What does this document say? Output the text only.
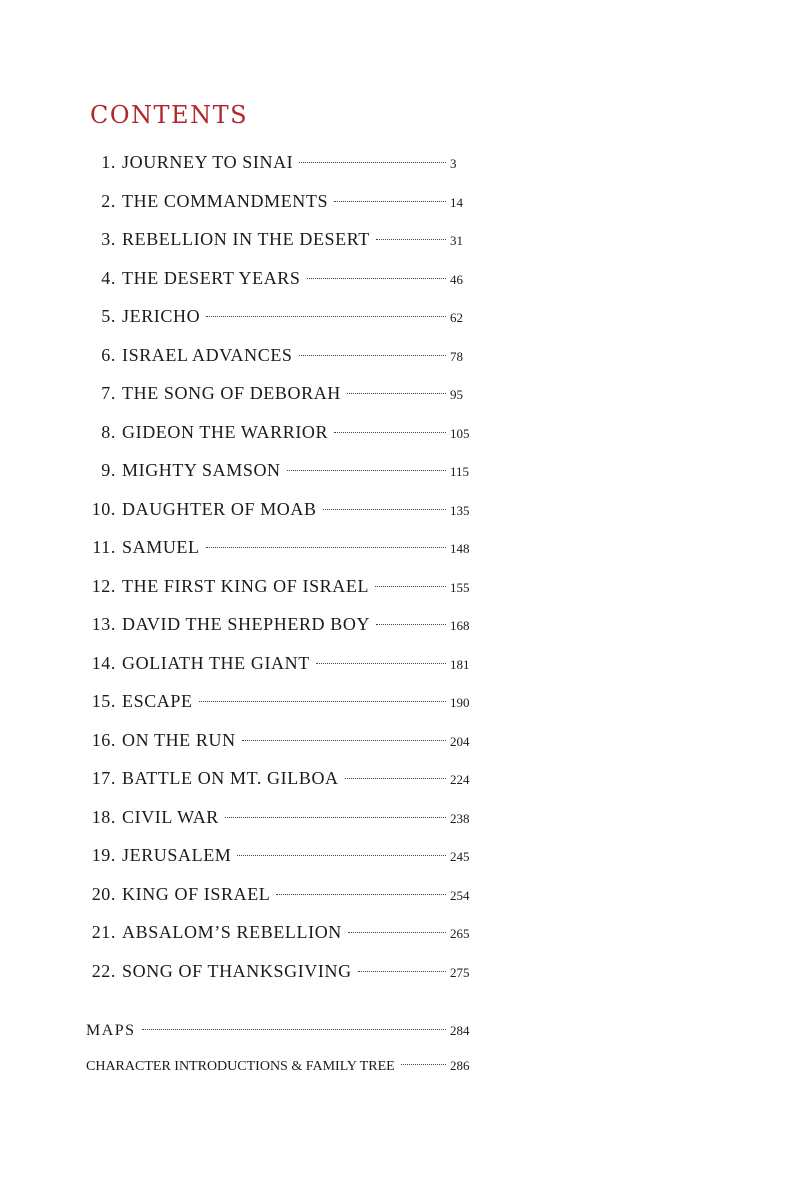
contents
1. JOURNEY TO SINAI	3
2. THE COMMANDMENTS	14
3. REBELLION IN THE DESERT	31
4. THE DESERT YEARS	46
5. JERICHO	62
6. ISRAEL ADVANCES	78
7. THE SONG OF DEBORAH	95
8. GIDEON THE WARRIOR	105
9. MIGHTY SAMSON	115
10. DAUGHTER OF MOAB	135
11. SAMUEL	148
12. THE FIRST KING OF ISRAEL	155
13. DAVID THE SHEPHERD BOY	168
14. GOLIATH THE GIANT	181
15. ESCAPE	190
16. ON THE RUN	204
17. BATTLE ON MT. GILBOA	224
18. CIVIL WAR	238
19. JERUSALEM	245
20. KING OF ISRAEL	254
21. ABSALOM’S REBELLION	265
22. SONG OF THANKSGIVING	275
MAPS	284
CHARACTER INTRODUCTIONS & FAMILY TREE	286
